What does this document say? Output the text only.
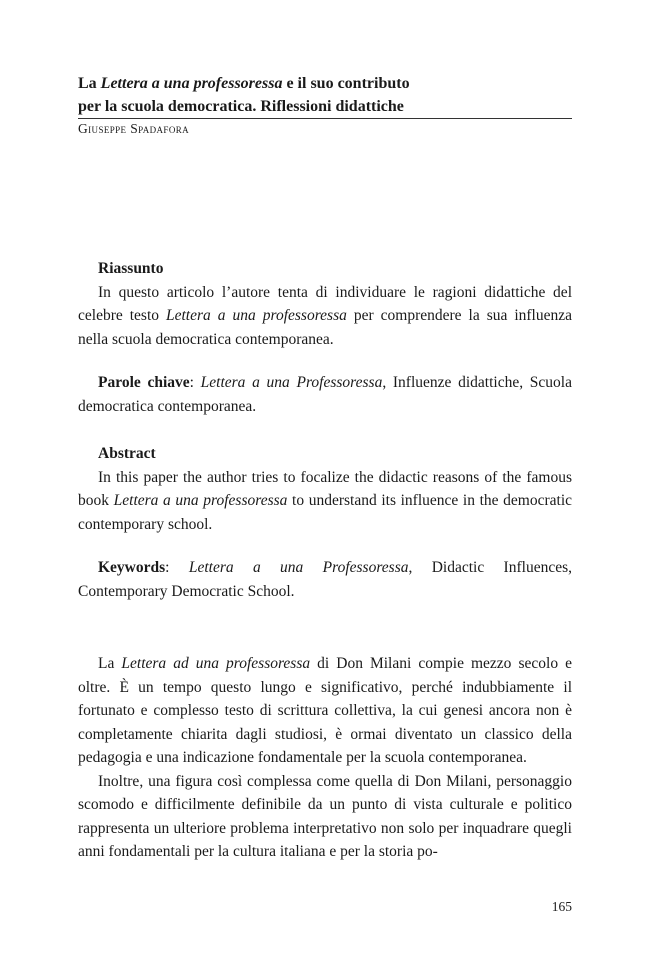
La Lettera a una professoressa e il suo contributo
per la scuola democratica. Riflessioni didattiche
Giuseppe Spadafora

Riassunto

In questo articolo l’autore tenta di individuare le ragioni didattiche del celebre testo Lettera a una professoressa per comprendere la sua influenza nella scuola democratica contemporanea.

Parole chiave: Lettera a una Professoressa, Influenze didattiche, Scuola democratica contemporanea.

Abstract

In this paper the author tries to focalize the didactic reasons of the famous book Lettera a una professoressa to understand its influence in the democratic contemporary school.

Keywords: Lettera a una Professoressa, Didactic Influences, Contemporary Democratic School.

La Lettera ad una professoressa di Don Milani compie mezzo secolo e oltre. È un tempo questo lungo e significativo, perché indubbiamente il fortunato e complesso testo di scrittura collettiva, la cui genesi ancora non è completamente chiarita dagli studiosi, è ormai diventato un classico della pedagogia e una indicazione fondamentale per la scuola contemporanea.

Inoltre, una figura così complessa come quella di Don Milani, personaggio scomodo e difficilmente definibile da un punto di vista culturale e politico rappresenta un ulteriore problema interpretativo non solo per inquadrare quegli anni fondamentali per la cultura italiana e per la storia po-

165
